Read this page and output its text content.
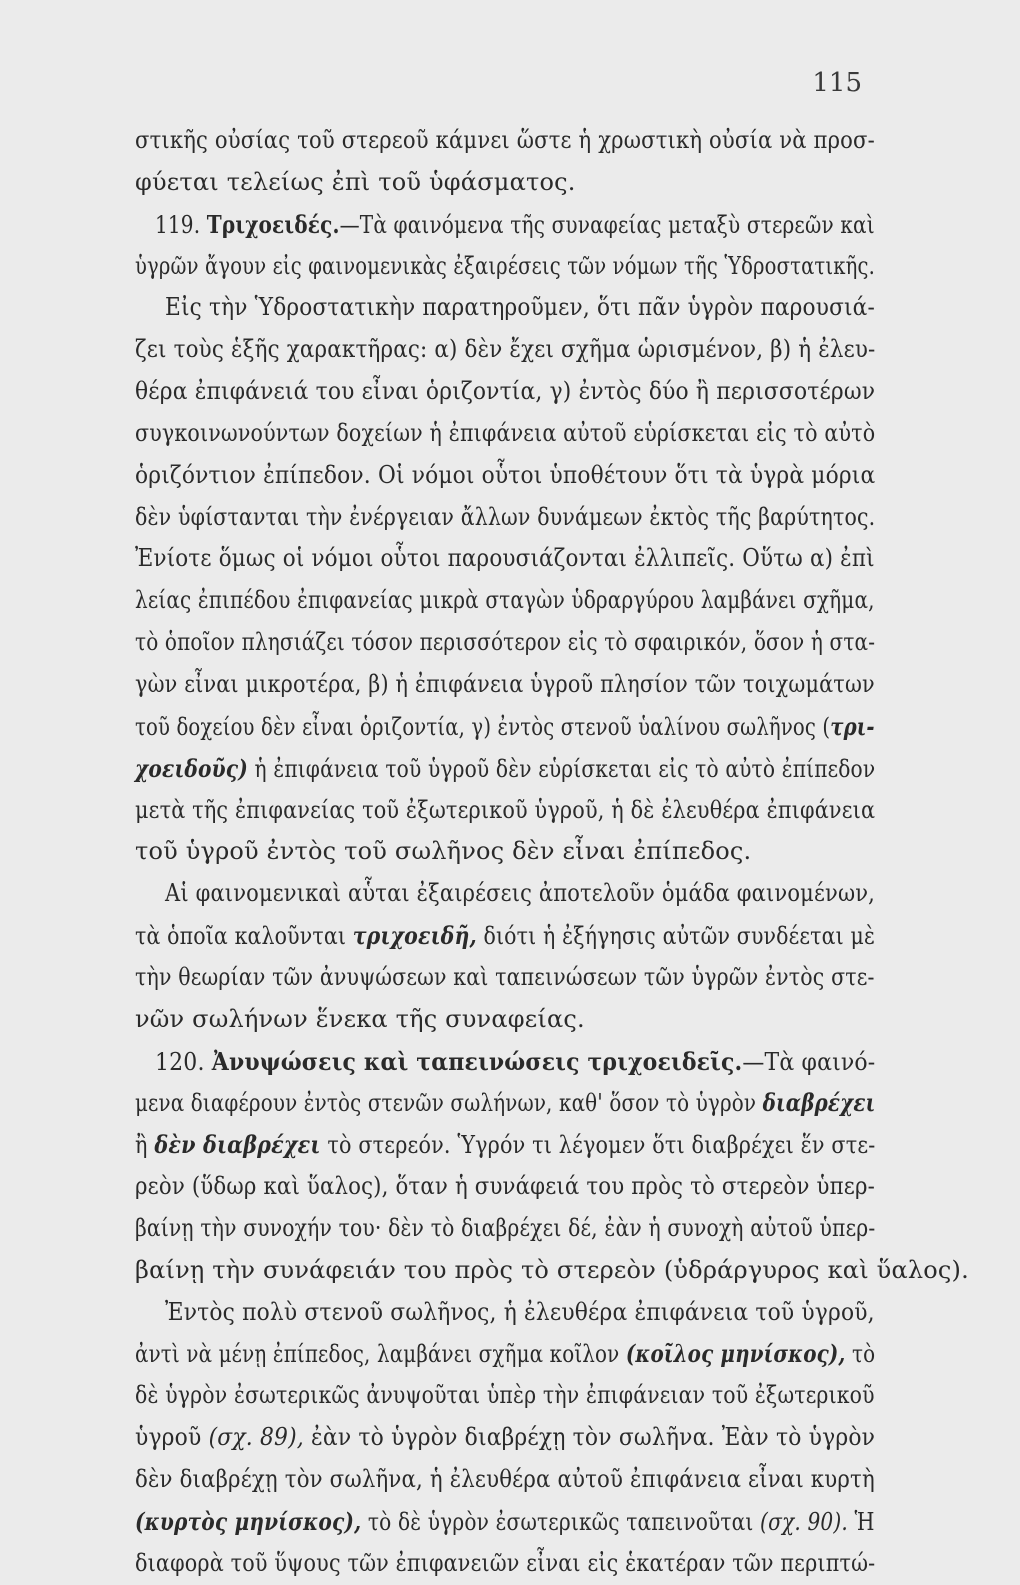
115
στικῆς οὐσίας τοῦ στερεοῦ κάμνει ὥστε ἡ χρωστικὴ οὐσία νὰ προσ-
φύεται τελείως ἐπὶ τοῦ ὑφάσματος.
119. Τριχοειδές.—Τὰ φαινόμενα τῆς συναφείας μεταξὺ στερεῶν καὶ
ὑγρῶν ἄγουν εἰς φαινομενικὰς ἐξαιρέσεις τῶν νόμων τῆς Ὑδροστατικῆς.
Εἰς τὴν Ὑδροστατικὴν παρατηροῦμεν, ὅτι πᾶν ὑγρὸν παρουσιά-
ζει τοὺς ἑξῆς χαρακτῆρας: α) δὲν ἔχει σχῆμα ὡρισμένον, β) ἡ ἐλευ-
θέρα ἐπιφάνειά του εἶναι ὁριζοντία, γ) ἐντὸς δύο ἢ περισσοτέρων
συγκοινωνούντων δοχείων ἡ ἐπιφάνεια αὐτοῦ εὑρίσκεται εἰς τὸ αὐτὸ
ὁριζόντιον ἐπίπεδον. Οἱ νόμοι οὗτοι ὑποθέτουν ὅτι τὰ ὑγρὰ μόρια
δὲν ὑφίστανται τὴν ἐνέργειαν ἄλλων δυνάμεων ἐκτὸς τῆς βαρύτητος.
Ἐνίοτε ὅμως οἱ νόμοι οὗτοι παρουσιάζονται ἐλλιπεῖς. Οὕτω α) ἐπὶ
λείας ἐπιπέδου ἐπιφανείας μικρὰ σταγὼν ὑδραργύρου λαμβάνει σχῆμα,
τὸ ὁποῖον πλησιάζει τόσον περισσότερον εἰς τὸ σφαιρικόν, ὅσον ἡ στα-
γὼν εἶναι μικροτέρα, β) ἡ ἐπιφάνεια ὑγροῦ πλησίον τῶν τοιχωμάτων
τοῦ δοχείου δὲν εἶναι ὁριζοντία, γ) ἐντὸς στενοῦ ὑαλίνου σωλῆνος (τρι-
χοειδοῦς) ἡ ἐπιφάνεια τοῦ ὑγροῦ δὲν εὑρίσκεται εἰς τὸ αὐτὸ ἐπίπεδον
μετὰ τῆς ἐπιφανείας τοῦ ἐξωτερικοῦ ὑγροῦ, ἡ δὲ ἐλευθέρα ἐπιφάνεια
τοῦ ὑγροῦ ἐντὸς τοῦ σωλῆνος δὲν εἶναι ἐπίπεδος.
Αἱ φαινομενικαὶ αὗται ἐξαιρέσεις ἀποτελοῦν ὁμάδα φαινομένων,
τὰ ὁποῖα καλοῦνται τριχοειδῆ, διότι ἡ ἐξήγησις αὐτῶν συνδέεται μὲ
τὴν θεωρίαν τῶν ἀνυψώσεων καὶ ταπεινώσεων τῶν ὑγρῶν ἐντὸς στε-
νῶν σωλήνων ἕνεκα τῆς συναφείας.
120. Ἀνυψώσεις καὶ ταπεινώσεις τριχοειδεῖς.—Τὰ φαινό-
μενα διαφέρουν ἐντὸς στενῶν σωλήνων, καθ' ὅσον τὸ ὑγρὸν διαβρέχει
ἢ δὲν διαβρέχει τὸ στερεόν. Ὑγρόν τι λέγομεν ὅτι διαβρέχει ἕν στε-
ρεὸν (ὕδωρ καὶ ὕαλος), ὅταν ἡ συνάφειά του πρὸς τὸ στερεὸν ὑπερ-
βαίνῃ τὴν συνοχήν του· δὲν τὸ διαβρέχει δέ, ἐὰν ἡ συνοχὴ αὐτοῦ ὑπερ-
βαίνῃ τὴν συνάφειάν του πρὸς τὸ στερεὸν (ὑδράργυρος καὶ ὕαλος).
Ἐντὸς πολὺ στενοῦ σωλῆνος, ἡ ἐλευθέρα ἐπιφάνεια τοῦ ὑγροῦ,
ἀντὶ νὰ μένῃ ἐπίπεδος, λαμβάνει σχῆμα κοῖλον (κοῖλος μηνίσκος), τὸ
δὲ ὑγρὸν ἐσωτερικῶς ἀνυψοῦται ὑπὲρ τὴν ἐπιφάνειαν τοῦ ἐξωτερικοῦ
ὑγροῦ (σχ. 89), ἐὰν τὸ ὑγρὸν διαβρέχῃ τὸν σωλῆνα. Ἐὰν τὸ ὑγρὸν
δὲν διαβρέχῃ τὸν σωλῆνα, ἡ ἐλευθέρα αὐτοῦ ἐπιφάνεια εἶναι κυρτὴ
(κυρτὸς μηνίσκος), τὸ δὲ ὑγρὸν ἐσωτερικῶς ταπεινοῦται (σχ. 90). Ἡ
διαφορὰ τοῦ ὕψους τῶν ἐπιφανειῶν εἶναι εἰς ἑκατέραν τῶν περιπτώ-
